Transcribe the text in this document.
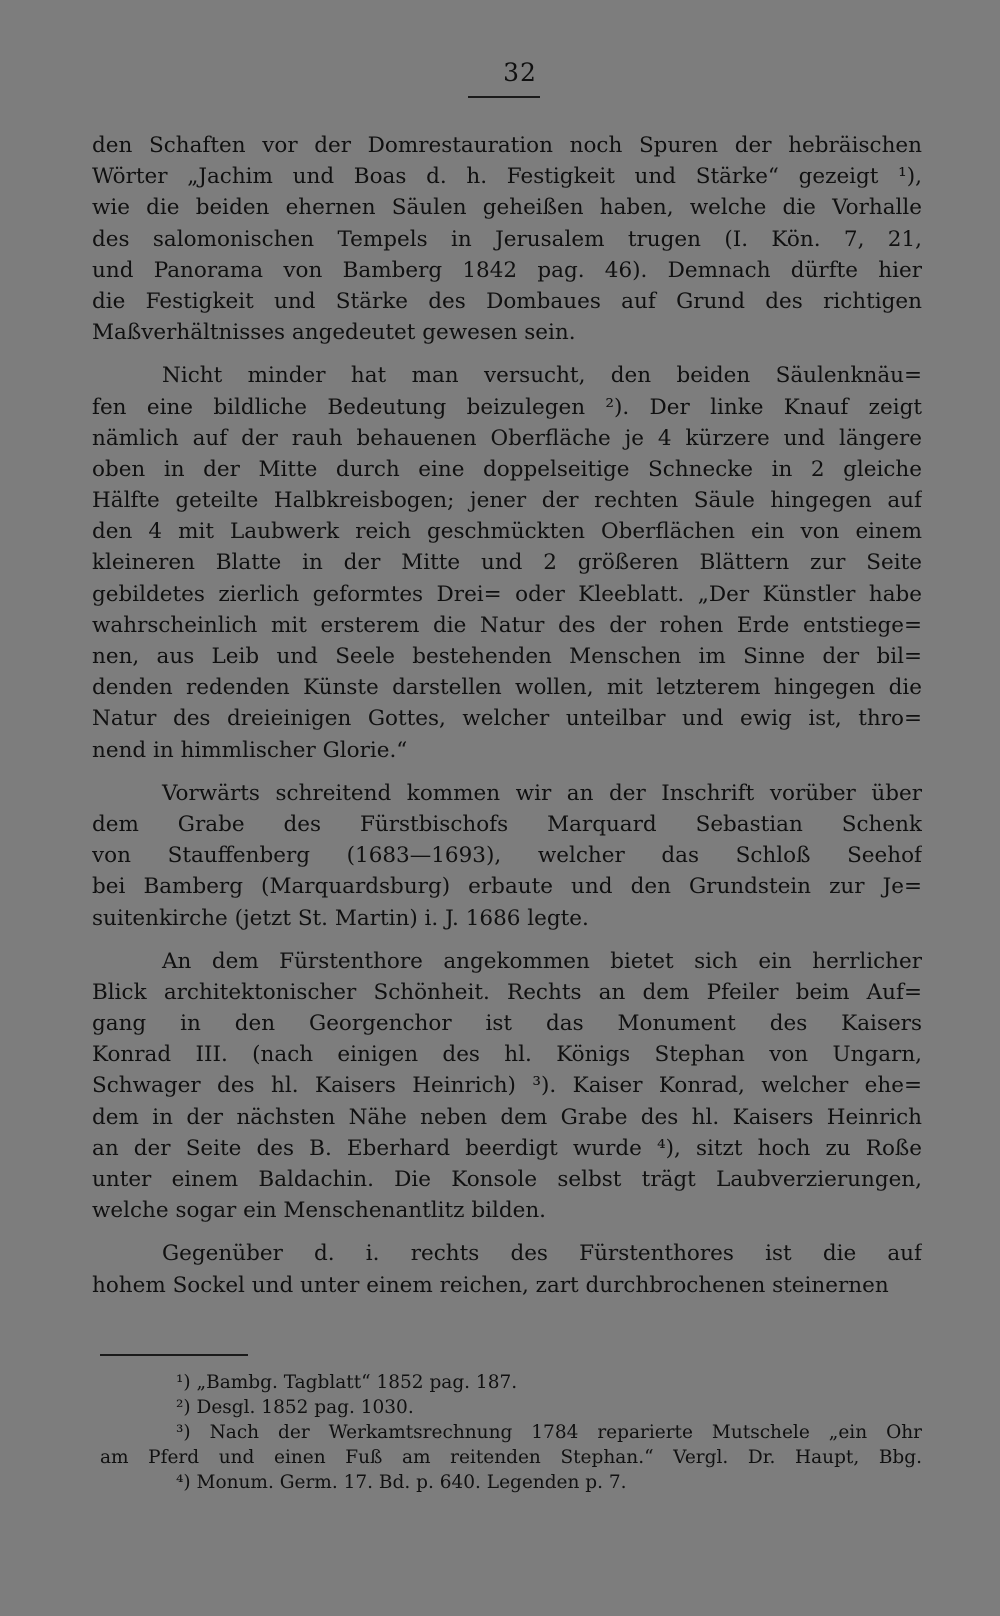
32
den Schaften vor der Domrestauration noch Spuren der hebräischen
Wörter „Jachim und Boas d. h. Festigkeit und Stärke“ gezeigt ¹),
wie die beiden ehernen Säulen geheißen haben, welche die Vorhalle
des salomonischen Tempels in Jerusalem trugen (I. Kön. 7, 21,
und Panorama von Bamberg 1842 pag. 46). Demnach dürfte hier
die Festigkeit und Stärke des Dombaues auf Grund des richtigen
Maßverhältnisses angedeutet gewesen sein.
Nicht minder hat man versucht, den beiden Säulenknäu=
fen eine bildliche Bedeutung beizulegen ²). Der linke Knauf zeigt
nämlich auf der rauh behauenen Oberfläche je 4 kürzere und längere
oben in der Mitte durch eine doppelseitige Schnecke in 2 gleiche
Hälfte geteilte Halbkreisbogen; jener der rechten Säule hingegen auf
den 4 mit Laubwerk reich geschmückten Oberflächen ein von einem
kleineren Blatte in der Mitte und 2 größeren Blättern zur Seite
gebildetes zierlich geformtes Drei= oder Kleeblatt. „Der Künstler habe
wahrscheinlich mit ersterem die Natur des der rohen Erde entstiege=
nen, aus Leib und Seele bestehenden Menschen im Sinne der bil=
denden redenden Künste darstellen wollen, mit letzterem hingegen die
Natur des dreieinigen Gottes, welcher unteilbar und ewig ist, thro=
nend in himmlischer Glorie.“
Vorwärts schreitend kommen wir an der Inschrift vorüber über
dem Grabe des Fürstbischofs Marquard Sebastian Schenk
von Stauffenberg (1683—1693), welcher das Schloß Seehof
bei Bamberg (Marquardsburg) erbaute und den Grundstein zur Je=
suitenkirche (jetzt St. Martin) i. J. 1686 legte.
An dem Fürstenthore angekommen bietet sich ein herrlicher
Blick architektonischer Schönheit. Rechts an dem Pfeiler beim Auf=
gang in den Georgenchor ist das Monument des Kaisers
Konrad III. (nach einigen des hl. Königs Stephan von Ungarn,
Schwager des hl. Kaisers Heinrich) ³). Kaiser Konrad, welcher ehe=
dem in der nächsten Nähe neben dem Grabe des hl. Kaisers Heinrich
an der Seite des B. Eberhard beerdigt wurde ⁴), sitzt hoch zu Roße
unter einem Baldachin. Die Konsole selbst trägt Laubverzierungen,
welche sogar ein Menschenantlitz bilden.
Gegenüber d. i. rechts des Fürstenthores ist die auf
hohem Sockel und unter einem reichen, zart durchbrochenen steinernen
¹) „Bambg. Tagblatt“ 1852 pag. 187.
²) Desgl. 1852 pag. 1030.
³) Nach der Werkamtsrechnung 1784 reparierte Mutschele „ein Ohr
am Pferd und einen Fuß am reitenden Stephan.“ Vergl. Dr. Haupt, Bbg.
⁴) Monum. Germ. 17. Bd. p. 640. Legenden p. 7.
